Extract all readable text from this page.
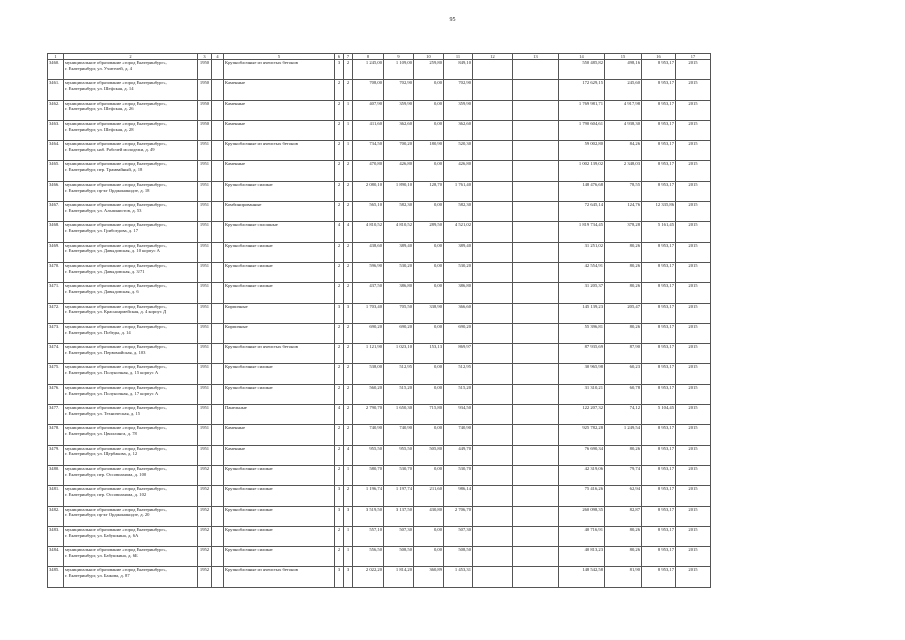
95
1	2	3	4	5	6	7	8	9	10	11	12	13	14	15	16	17
3460.	муниципальное образование «город Екатеринбург»,
г. Екатеринбург, ул. Учителей, д. 4	1950		Крупноблочные из ячеистых бетонов	3	2	1 245,00	1 109,00	259,80	849,10			550 485,82	498,16	8 953,17	2015
3461.	муниципальное образование «город Екатеринбург»,
г. Екатеринбург, ул. Шефская, д. 14	1950		Каменные	2	2	708,00	702,90	0,00	702,90			172 629,15	245,60	8 953,17	2015
3462.	муниципальное образование «город Екатеринбург»,
г. Екатеринбург, ул. Шефская, д. 26	1950		Каменные	2	1	407,90	359,90	0,00	359,90			1 769 981,71	4 917,98	8 953,17	2015
3463.	муниципальное образование «город Екатеринбург»,
г. Екатеринбург, ул. Шефская, д. 28	1950		Каменные	2	1	411,60	362,60	0,00	362,60			1 790 604,61	4 938,30	8 953,17	2015
3464.	муниципальное образование «город Екатеринбург»,
г. Екатеринбург, наб. Рабочей молодежи, д. 49	1951		Крупноблочные из ячеистых бетонов	2	1	734,50	700,20	180,90	520,30			59 002,80	84,26	8 953,17	2015
3465.	муниципальное образование «город Екатеринбург»,
г. Екатеринбург, пер. Трамвайный, д. 18	1951		Каменные	2	2	470,80	426,80	0,00	426,80			1 002 139,02	2 348,03	8 953,17	2015
3466.	муниципальное образование «город Екатеринбург»,
г. Екатеринбург, пр-кт Орджоникидзе, д. 18	1951		Крупноблочные силикат	2	2	2 080,10	1 890,10	128,70	1 761,40			148 476,68	78,55	8 953,17	2015
3467.	муниципальное образование «город Екатеринбург»,
г. Екатеринбург, ул. Альпинистов, д. 53	1951		Комбинированные	2	2	565,10	582,30	0,00	582,30			72 645,14	124,76	12 335,86	2015
3468.	муниципальное образование «город Екатеринбург»,
г. Екатеринбург, ул. Грибоедова, д. 17	1951		Крупноблочные сплошные	4	4	4 810,52	4 810,52	289,50	4 521,02			1 819 734,45	378,28	5 161,45	2015
3469.	муниципальное образование «город Екатеринбург»,
г. Екатеринбург, ул. Давыдовская, д. 10 корпус А	1951		Крупноблочные силикат	2	2	438,60	389,40	0,00	389,40			31 251,02	80,26	8 953,17	2015
3470.	муниципальное образование «город Екатеринбург»,
г. Екатеринбург, ул. Давыдовская, д. 3/71	1951		Крупноблочные силикат	2	2	596,90	530,20	0,00	530,20			42 554,91	80,26	8 953,17	2015
3471.	муниципальное образование «город Екатеринбург»,
г. Екатеринбург, ул. Давыдовская, д. 6	1951		Крупноблочные силикат	2	2	437,50	386,80	0,00	386,80			31 205,37	80,26	8 953,17	2015
3472.	муниципальное образование «город Екатеринбург»,
г. Екатеринбург, ул. Красноармейская, д. 4 корпус Д	1951		Кирпичные	3	3	1 703,40	705,50	338,90	366,60			145 139,23	205,47	8 953,17	2015
3473.	муниципальное образование «город Екатеринбург»,
г. Екатеринбург, ул. Победы, д. 14	1951		Кирпичные	2	2	690,20	690,20	0,00	690,20			55 396,81	80,26	8 953,17	2015
3474.	муниципальное образование «город Екатеринбург»,
г. Екатеринбург, ул. Первомайская, д. 103	1951		Крупноблочные из ячеистых бетонов	2	2	1 121,90	1 023,10	153,13	869,97			87 935,69	87,90	8 953,17	2015
3475.	муниципальное образование «город Екатеринбург»,
г. Екатеринбург, ул. Полуночная, д. 15 корпус А	1951		Крупноблочные силикат	2	2	538,00	512,95	0,00	512,95			30 965,98	60,23	8 953,17	2015
3476.	муниципальное образование «город Екатеринбург»,
г. Екатеринбург, ул. Полуночная, д. 17 корпус А	1951		Крупноблочные силикат	2	2	560,20	515,20	0,00	515,20			31 310,21	60,78	8 953,17	2015
3477.	муниципальное образование «город Екатеринбург»,
г. Екатеринбург, ул. Техническая, д. 15	1951		Панельные	4	2	2 790,70	1 650,30	715,80	934,50			122 207,32	74,12	5 104,45	2015
3478.	муниципальное образование «город Екатеринбург»,
г. Екатеринбург, ул. Цвиллинга, д. 78	1951		Каменные	2	2	740,90	740,90	0,00	740,90			925 782,28	1 249,54	8 953,17	2015
3479.	муниципальное образование «город Екатеринбург»,
г. Екатеринбург, ул. Щербакова, д. 12	1951		Каменные	2	4	955,50	955,50	505,80	449,70			76 690,34	80,26	8 953,17	2015
3480.	муниципальное образование «город Екатеринбург»,
г. Екатеринбург, пер. Оссовиахима, д. 100	1952		Крупноблочные силикат	2	1	580,70	530,70	0,00	530,70			42 319,06	79,74	8 953,17	2015
3481.	муниципальное образование «город Екатеринбург»,
г. Екатеринбург, пер. Оссовиахима, д. 102	1952		Крупноблочные силикат	3	2	1 196,74	1 197,74	211,60	986,14			75 416,26	62,94	8 953,17	2015
3482.	муниципальное образование «город Екатеринбург»,
г. Екатеринбург, пр-кт Орджоникидзе, д. 20	1952		Крупноблочные силикат	3	3	3 519,50	3 137,50	430,80	2 706,70			260 098,35	82,87	8 953,17	2015
3483.	муниципальное образование «город Екатеринбург»,
г. Екатеринбург, ул. Бабушкина, д. 6А	1952		Крупноблочные силикат	2	1	557,10	507,30	0,00	507,30			40 716,91	80,26	8 953,17	2015
3484.	муниципальное образование «город Екатеринбург»,
г. Екатеринбург, ул. Бабушкина, д. 6Б	1952		Крупноблочные силикат	2	1	556,50	508,50	0,00	508,50			40 813,23	80,26	8 953,17	2015
3485.	муниципальное образование «город Екатеринбург»,
г. Екатеринбург, ул. Бажова, д. 87	1952		Крупноблочные из ячеистых бетонов	3	3	2 022,20	1 814,20	360,89	1 453,31			148 542,58	81,90	8 953,17	2015
